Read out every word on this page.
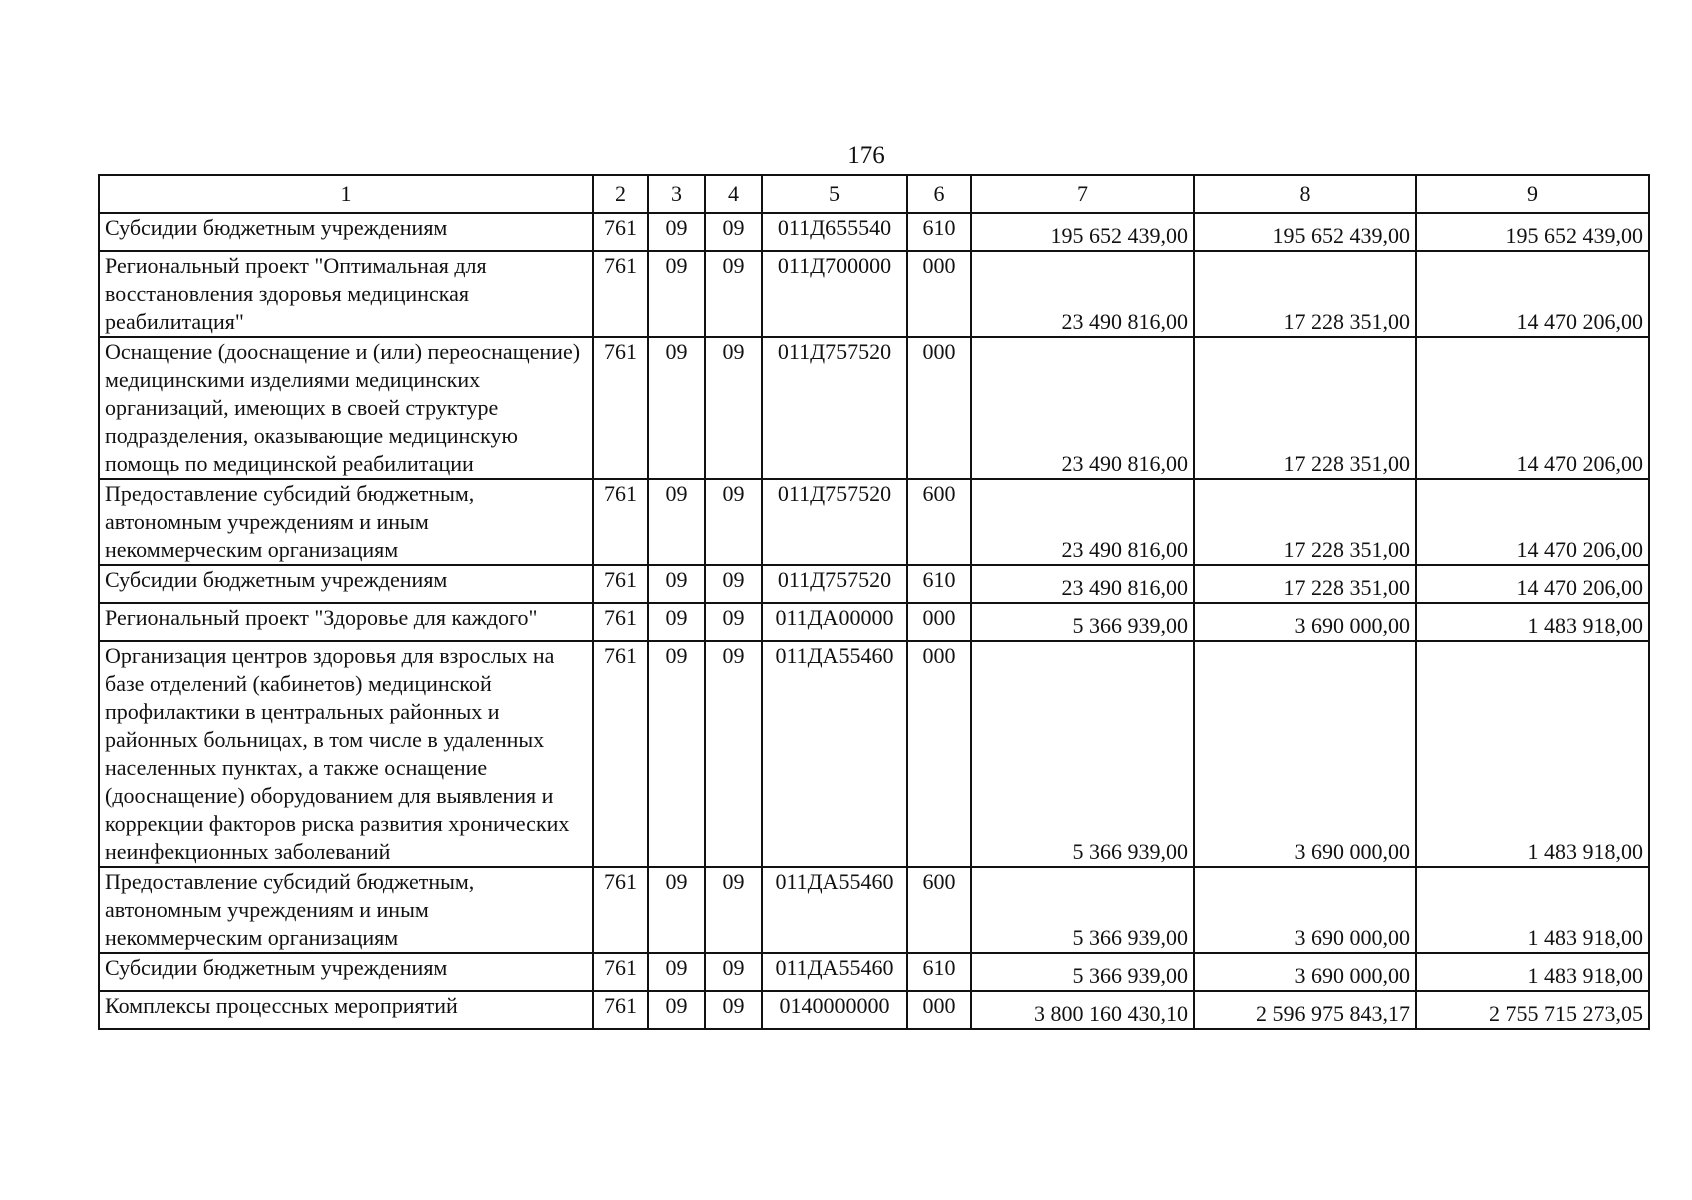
176
1	2	3	4	5	6	7	8	9
Субсидии бюджетным учреждениям	761	09	09	011Д655540	610	195 652 439,00	195 652 439,00	195 652 439,00
Региональный проект "Оптимальная для восстановления здоровья медицинская реабилитация"	761	09	09	011Д700000	000	23 490 816,00	17 228 351,00	14 470 206,00
Оснащение (дооснащение и (или) переоснащение) медицинскими изделиями медицинских организаций, имеющих в своей структуре подразделения, оказывающие медицинскую помощь по медицинской реабилитации	761	09	09	011Д757520	000	23 490 816,00	17 228 351,00	14 470 206,00
Предоставление субсидий бюджетным, автономным учреждениям и иным некоммерческим организациям	761	09	09	011Д757520	600	23 490 816,00	17 228 351,00	14 470 206,00
Субсидии бюджетным учреждениям	761	09	09	011Д757520	610	23 490 816,00	17 228 351,00	14 470 206,00
Региональный проект "Здоровье для каждого"	761	09	09	011ДА00000	000	5 366 939,00	3 690 000,00	1 483 918,00
Организация центров здоровья для взрослых на базе отделений (кабинетов) медицинской профилактики в центральных районных и районных больницах, в том числе в удаленных населенных пунктах, а также оснащение (дооснащение) оборудованием для выявления и коррекции факторов риска развития хронических неинфекционных заболеваний	761	09	09	011ДА55460	000	5 366 939,00	3 690 000,00	1 483 918,00
Предоставление субсидий бюджетным, автономным учреждениям и иным некоммерческим организациям	761	09	09	011ДА55460	600	5 366 939,00	3 690 000,00	1 483 918,00
Субсидии бюджетным учреждениям	761	09	09	011ДА55460	610	5 366 939,00	3 690 000,00	1 483 918,00
Комплексы процессных мероприятий	761	09	09	0140000000	000	3 800 160 430,10	2 596 975 843,17	2 755 715 273,05
